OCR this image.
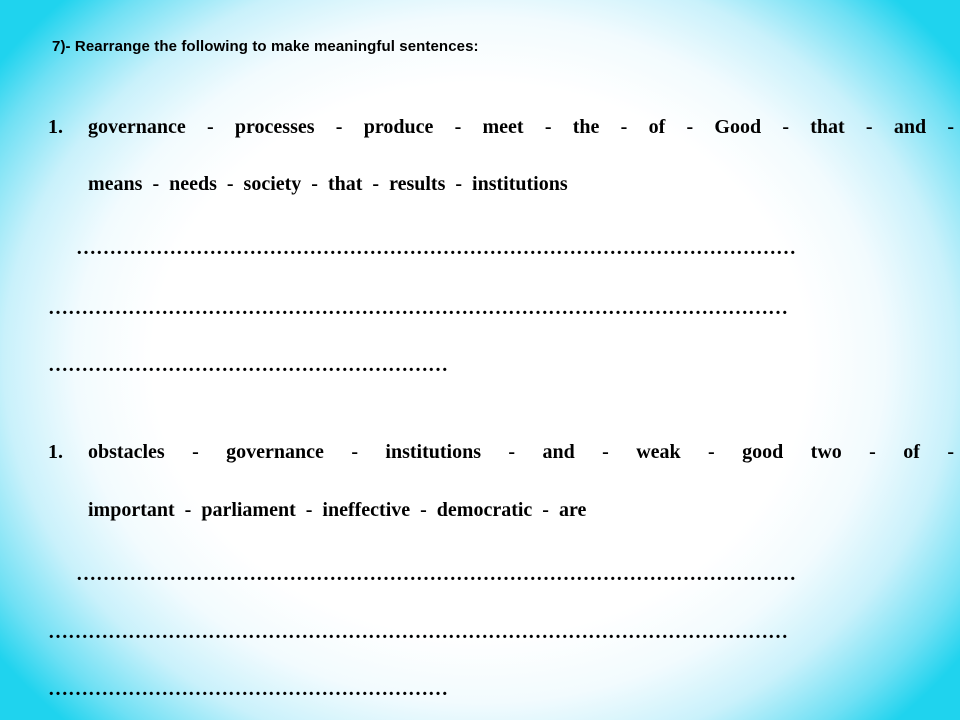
7)- Rearrange the following to make meaningful sentences:
1. governance - processes - produce - meet - the - of - Good - that - and -
means - needs - society - that - results - institutions
………………………………………………………………………………………………
…………………………………………………………………………………………………
……………………………………………………
1. obstacles - governance - institutions - and - weak - good two - of -
important - parliament - ineffective - democratic - are
………………………………………………………………………………………………
…………………………………………………………………………………………………
……………………………………………………
